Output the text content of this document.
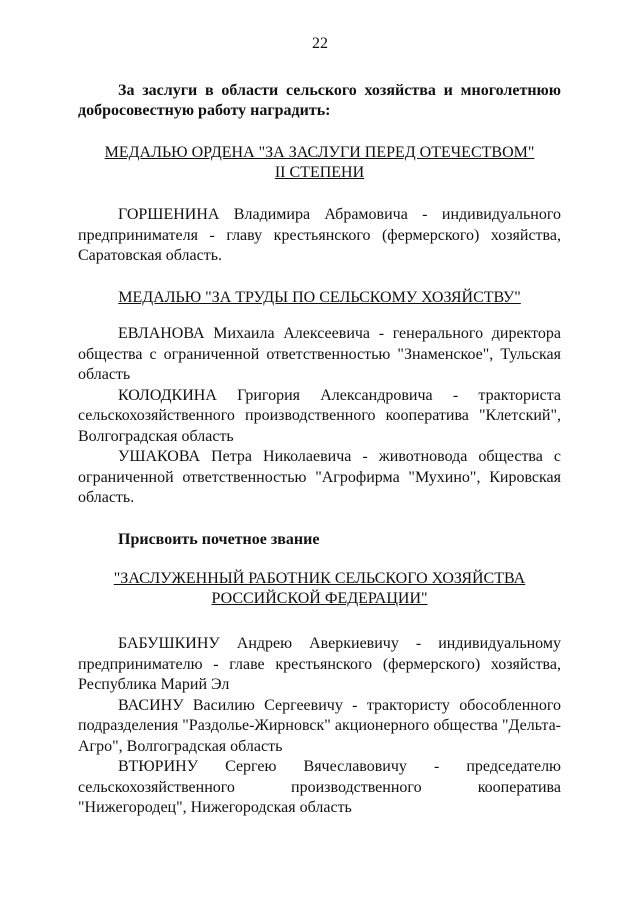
22
За заслуги в области сельского хозяйства и многолетнюю добросовестную работу наградить:
МЕДАЛЬЮ ОРДЕНА "ЗА ЗАСЛУГИ ПЕРЕД ОТЕЧЕСТВОМ"
II СТЕПЕНИ

ГОРШЕНИНА Владимира Абрамовича - индивидуального предпринимателя - главу крестьянского (фермерского) хозяйства, Саратовская область.

МЕДАЛЬЮ "ЗА ТРУДЫ ПО СЕЛЬСКОМУ ХОЗЯЙСТВУ"

ЕВЛАНОВА Михаила Алексеевича - генерального директора общества с ограниченной ответственностью "Знаменское", Тульская область

КОЛОДКИНА Григория Александровича - тракториста сельскохозяйственного производственного кооператива "Клетский", Волгоградская область

УШАКОВА Петра Николаевича - животновода общества с ограниченной ответственностью "Агрофирма "Мухино", Кировская область.

Присвоить почетное звание
"ЗАСЛУЖЕННЫЙ РАБОТНИК СЕЛЬСКОГО ХОЗЯЙСТВА
РОССИЙСКОЙ ФЕДЕРАЦИИ"

БАБУШКИНУ Андрею Аверкиевичу - индивидуальному предпринимателю - главе крестьянского (фермерского) хозяйства, Республика Марий Эл

ВАСИНУ Василию Сергеевичу - трактористу обособленного подразделения "Раздолье-Жирновск" акционерного общества "Дельта-Агро", Волгоградская область

ВТЮРИНУ Сергею Вячеславовичу - председателю сельскохозяйственного производственного кооператива "Нижегородец", Нижегородская область
